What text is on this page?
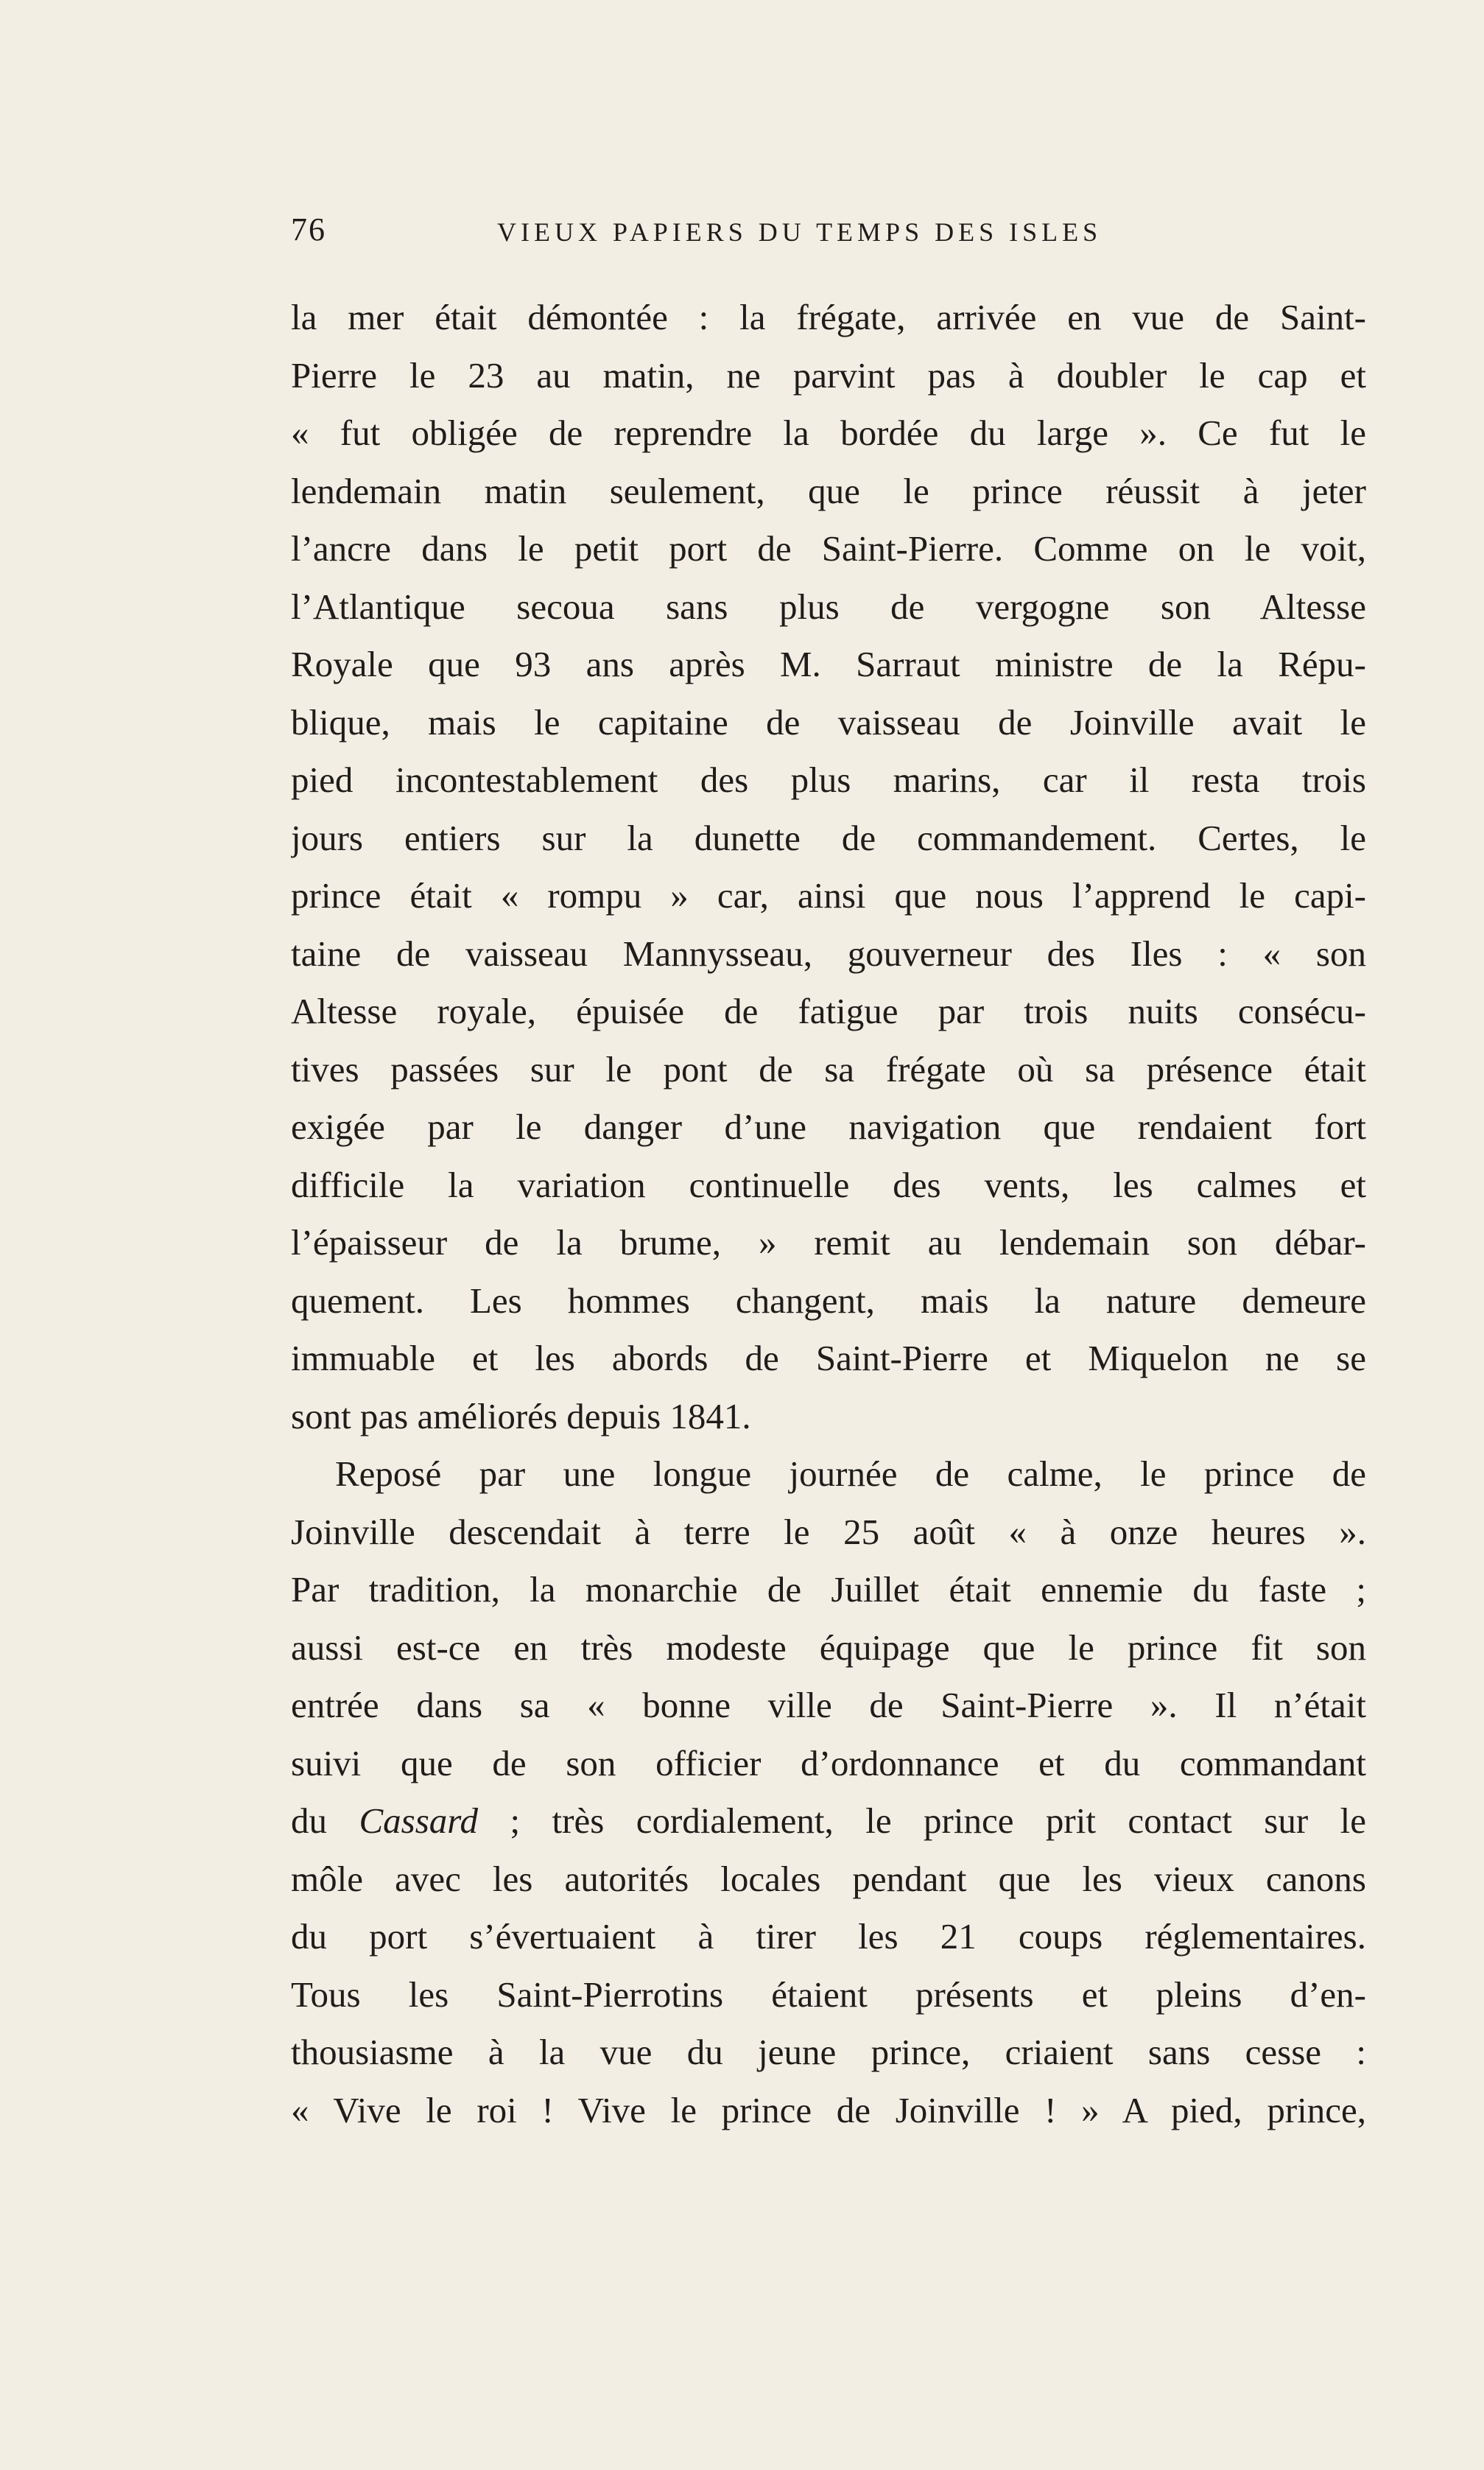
76	VIEUX PAPIERS DU TEMPS DES ISLES
la mer était démontée : la frégate, arrivée en vue de Saint-
Pierre le 23 au matin, ne parvint pas à doubler le cap et
« fut obligée de reprendre la bordée du large ». Ce fut le
lendemain matin seulement, que le prince réussit à jeter
l’ancre dans le petit port de Saint-Pierre. Comme on le voit,
l’Atlantique secoua sans plus de vergogne son Altesse
Royale que 93 ans après M. Sarraut ministre de la Répu-
blique, mais le capitaine de vaisseau de Joinville avait le
pied incontestablement des plus marins, car il resta trois
jours entiers sur la dunette de commandement. Certes, le
prince était « rompu » car, ainsi que nous l’apprend le capi-
taine de vaisseau Mannysseau, gouverneur des Iles : « son
Altesse royale, épuisée de fatigue par trois nuits consécu-
tives passées sur le pont de sa frégate où sa présence était
exigée par le danger d’une navigation que rendaient fort
difficile la variation continuelle des vents, les calmes et
l’épaisseur de la brume, » remit au lendemain son débar-
quement. Les hommes changent, mais la nature demeure
immuable et les abords de Saint-Pierre et Miquelon ne se
sont pas améliorés depuis 1841.
Reposé par une longue journée de calme, le prince de
Joinville descendait à terre le 25 août « à onze heures ».
Par tradition, la monarchie de Juillet était ennemie du faste ;
aussi est-ce en très modeste équipage que le prince fit son
entrée dans sa « bonne ville de Saint-Pierre ». Il n’était
suivi que de son officier d’ordonnance et du commandant
du Cassard ; très cordialement, le prince prit contact sur le
môle avec les autorités locales pendant que les vieux canons
du port s’évertuaient à tirer les 21 coups réglementaires.
Tous les Saint-Pierrotins étaient présents et pleins d’en-
thousiasme à la vue du jeune prince, criaient sans cesse :
« Vive le roi ! Vive le prince de Joinville ! » A pied, prince,
